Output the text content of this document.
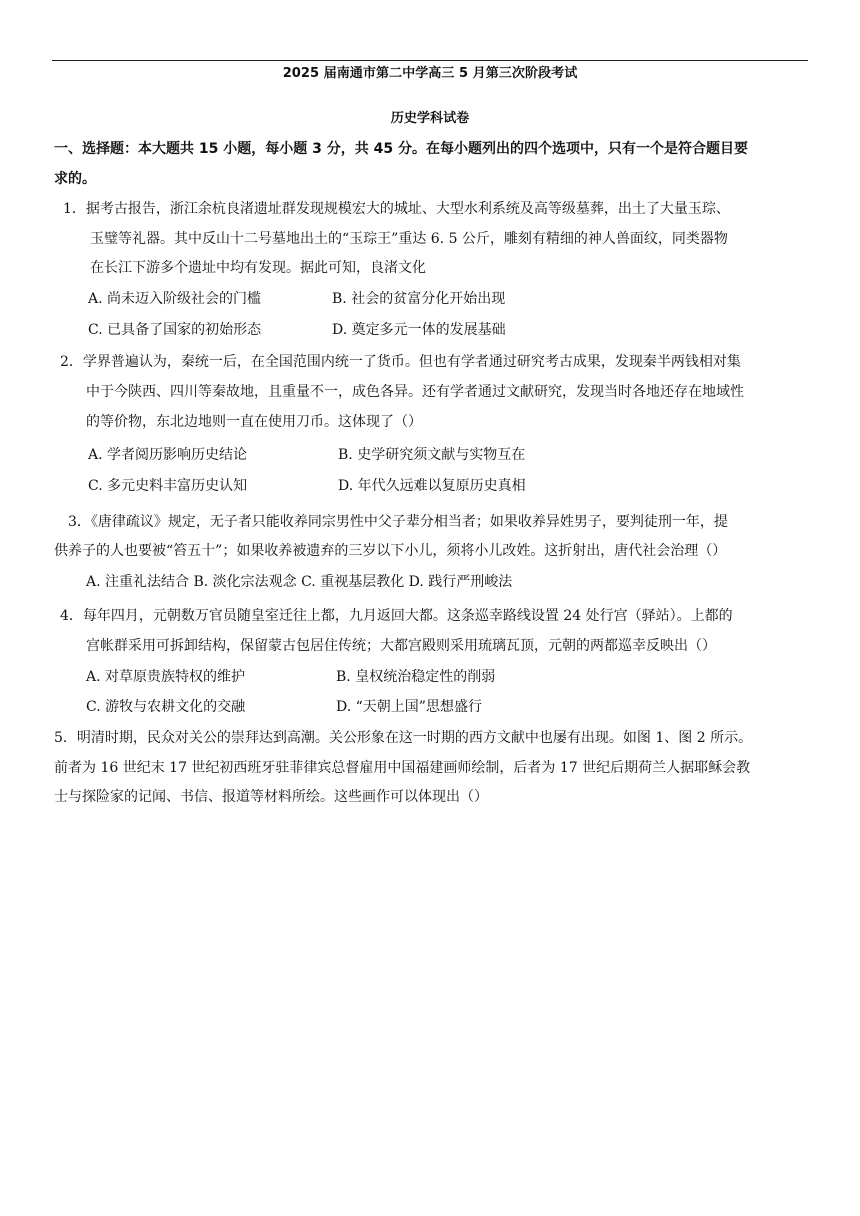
2025 届南通市第二中学高三 5 月第三次阶段考试
历史学科试卷
一、选择题：本大题共 15 小题，每小题 3 分，共 45 分。在每小题列出的四个选项中，只有一个是符合题目要
求的。
1．据考古报告，浙江余杭良渚遗址群发现规模宏大的城址、大型水利系统及高等级墓葬，出土了大量玉琮、
玉璧等礼器。其中反山十二号墓地出土的“玉琮王”重达 6. 5 公斤，雕刻有精细的神人兽面纹，同类器物
在长江下游多个遗址中均有发现。据此可知，良渚文化
A. 尚未迈入阶级社会的门槛	B. 社会的贫富分化开始出现
C. 已具备了国家的初始形态	D. 奠定多元一体的发展基础
2．学界普遍认为，秦统一后，在全国范围内统一了货币。但也有学者通过研究考古成果，发现秦半两钱相对集
中于今陕西、四川等秦故地，且重量不一，成色各异。还有学者通过文献研究，发现当时各地还存在地域性
的等价物，东北边地则一直在使用刀币。这体现了（）
A. 学者阅历影响历史结论	B. 史学研究须文献与实物互在
C. 多元史料丰富历史认知	D. 年代久远难以复原历史真相
3．《唐律疏议》规定，无子者只能收养同宗男性中父子辈分相当者；如果收养异姓男子，要判徒刑一年，提
供养子的人也要被“笞五十”；如果收养被遗弃的三岁以下小儿，须将小儿改姓。这折射出，唐代社会治理（）
A. 注重礼法结合 B. 淡化宗法观念 C. 重视基层教化 D. 践行严刑峻法
4．每年四月，元朝数万官员随皇室迁往上都，九月返回大都。这条巡幸路线设置 24 处行宫（驿站）。上都的
宫帐群采用可拆卸结构，保留蒙古包居住传统；大都宫殿则采用琉璃瓦顶，元朝的两都巡幸反映出（）
A. 对草原贵族特权的维护	B. 皇权统治稳定性的削弱
C. 游牧与农耕文化的交融	D. “天朝上国”思想盛行
5．明清时期，民众对关公的崇拜达到高潮。关公形象在这一时期的西方文献中也屡有出现。如图 1、图 2 所示。
前者为 16 世纪末 17 世纪初西班牙驻菲律宾总督雇用中国福建画师绘制，后者为 17 世纪后期荷兰人据耶稣会教
士与探险家的记闻、书信、报道等材料所绘。这些画作可以体现出（）
